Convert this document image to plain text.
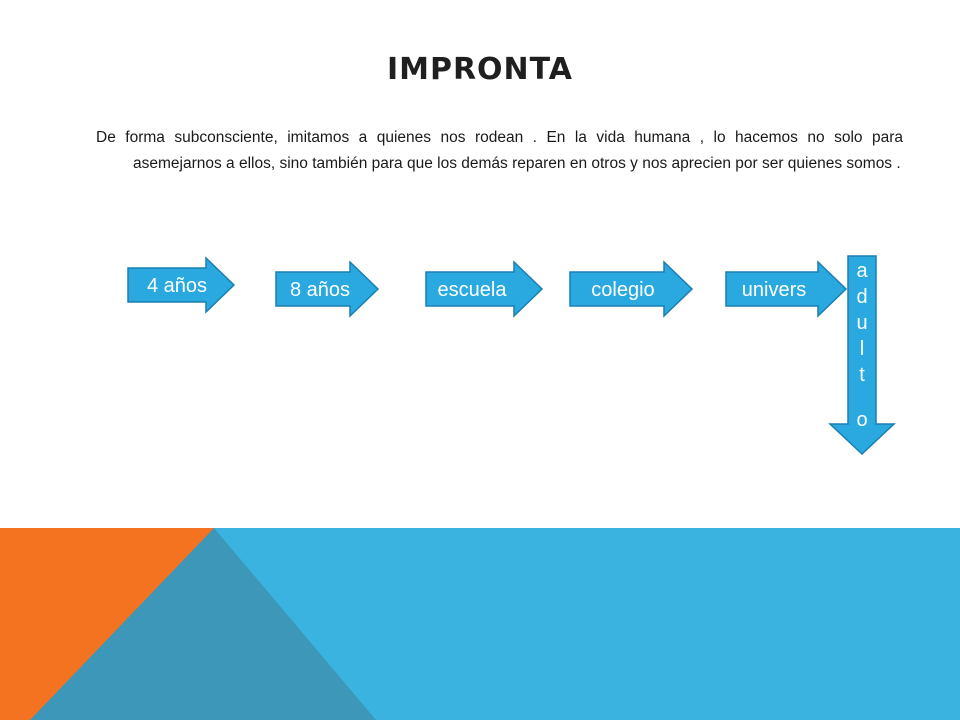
IMPRONTA

De forma subconsciente, imitamos a quienes nos rodean . En la vida humana , lo hacemos no solo para asemejarnos a ellos, sino también para que los demás reparen en otros y nos aprecien por ser quienes somos .

4 años	8 años	escuela	colegio	univers
a
d
u
l
t
o
